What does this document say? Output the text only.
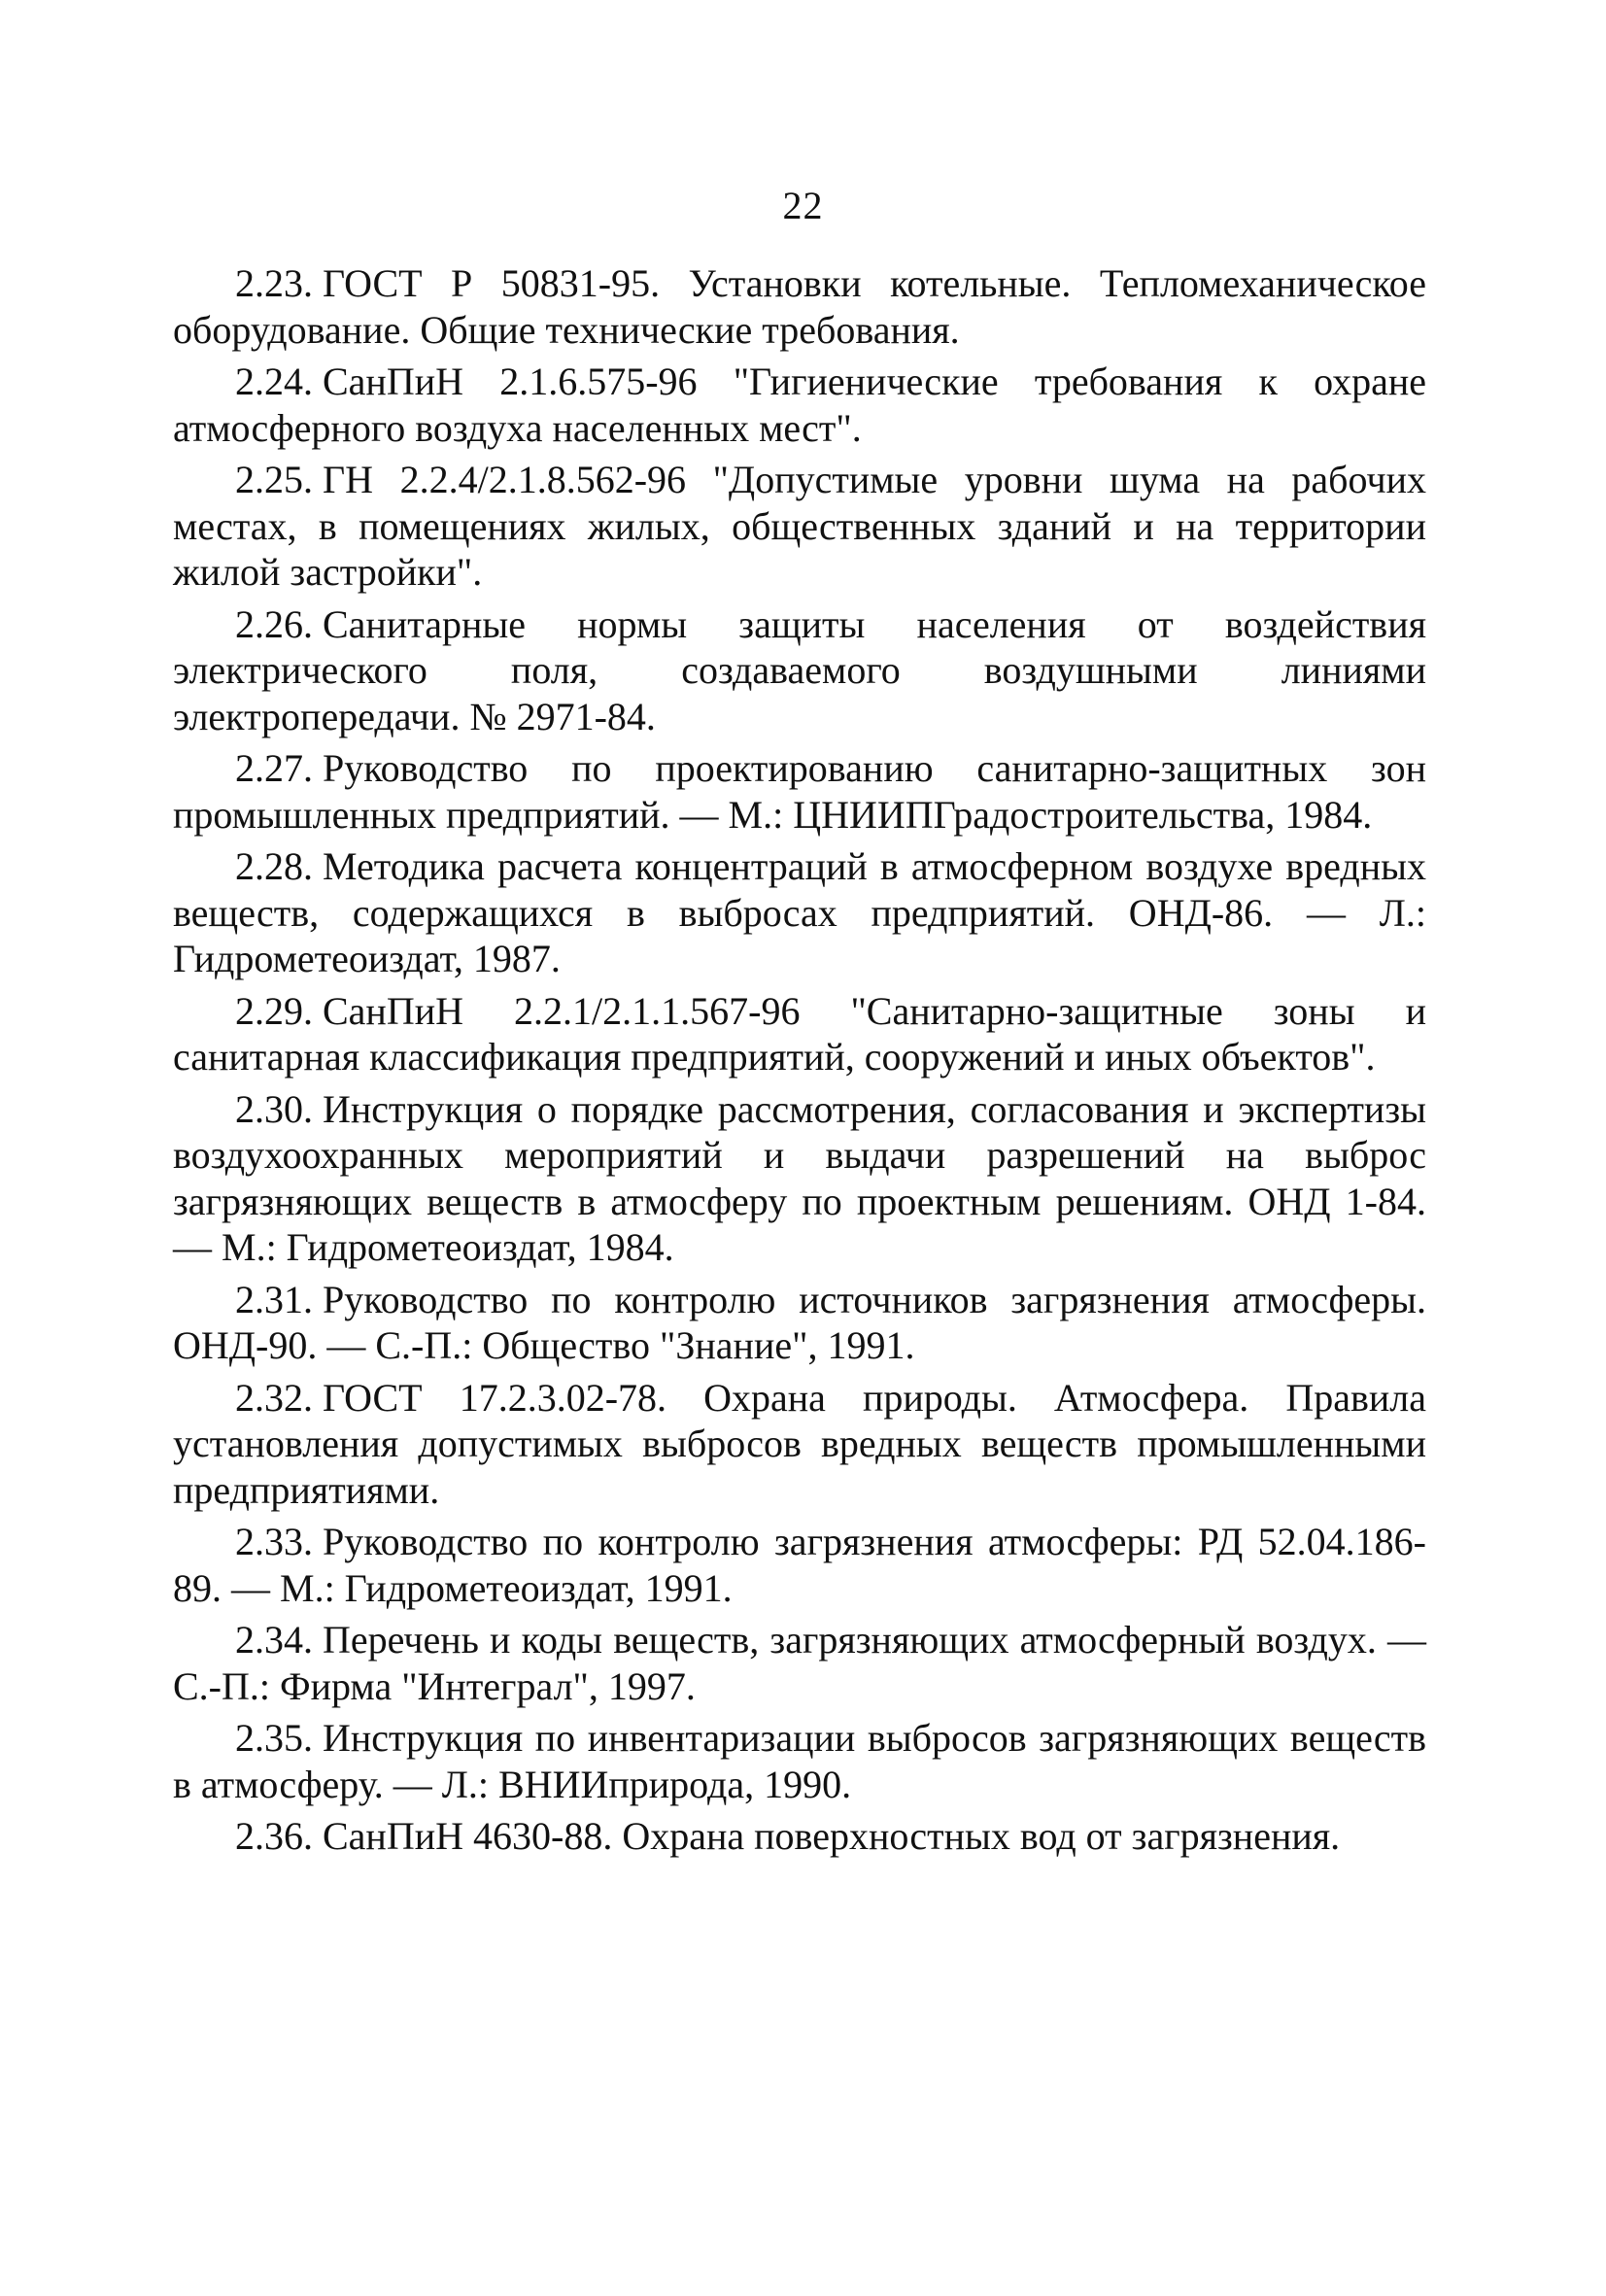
22
2.23. ГОСТ Р 50831-95. Установки котельные. Тепломеханическое оборудование. Общие технические требования.
2.24. СанПиН 2.1.6.575-96 "Гигиенические требования к охране атмосферного воздуха населенных мест".
2.25. ГН 2.2.4/2.1.8.562-96 "Допустимые уровни шума на рабочих местах, в помещениях жилых, общественных зданий и на территории жилой застройки".
2.26. Санитарные нормы защиты населения от воздействия электрического поля, создаваемого воздушными линиями электропередачи. № 2971-84.
2.27. Руководство по проектированию санитарно-защитных зон промышленных предприятий. — М.: ЦНИИПГрадостроительства, 1984.
2.28. Методика расчета концентраций в атмосферном воздухе вредных веществ, содержащихся в выбросах предприятий. ОНД-86. — Л.: Гидрометеоиздат, 1987.
2.29. СанПиН 2.2.1/2.1.1.567-96 "Санитарно-защитные зоны и санитарная классификация предприятий, сооружений и иных объектов".
2.30. Инструкция о порядке рассмотрения, согласования и экспертизы воздухоохранных мероприятий и выдачи разрешений на выброс загрязняющих веществ в атмосферу по проектным решениям. ОНД 1-84. — М.: Гидрометеоиздат, 1984.
2.31. Руководство по контролю источников загрязнения атмосферы. ОНД-90. — С.-П.: Общество "Знание", 1991.
2.32. ГОСТ 17.2.3.02-78. Охрана природы. Атмосфера. Правила установления допустимых выбросов вредных веществ промышленными предприятиями.
2.33. Руководство по контролю загрязнения атмосферы: РД 52.04.186-89. — М.: Гидрометеоиздат, 1991.
2.34. Перечень и коды веществ, загрязняющих атмосферный воздух. — С.-П.: Фирма "Интеграл", 1997.
2.35. Инструкция по инвентаризации выбросов загрязняющих веществ в атмосферу. — Л.: ВНИИприрода, 1990.
2.36. СанПиН 4630-88. Охрана поверхностных вод от загрязнения.
